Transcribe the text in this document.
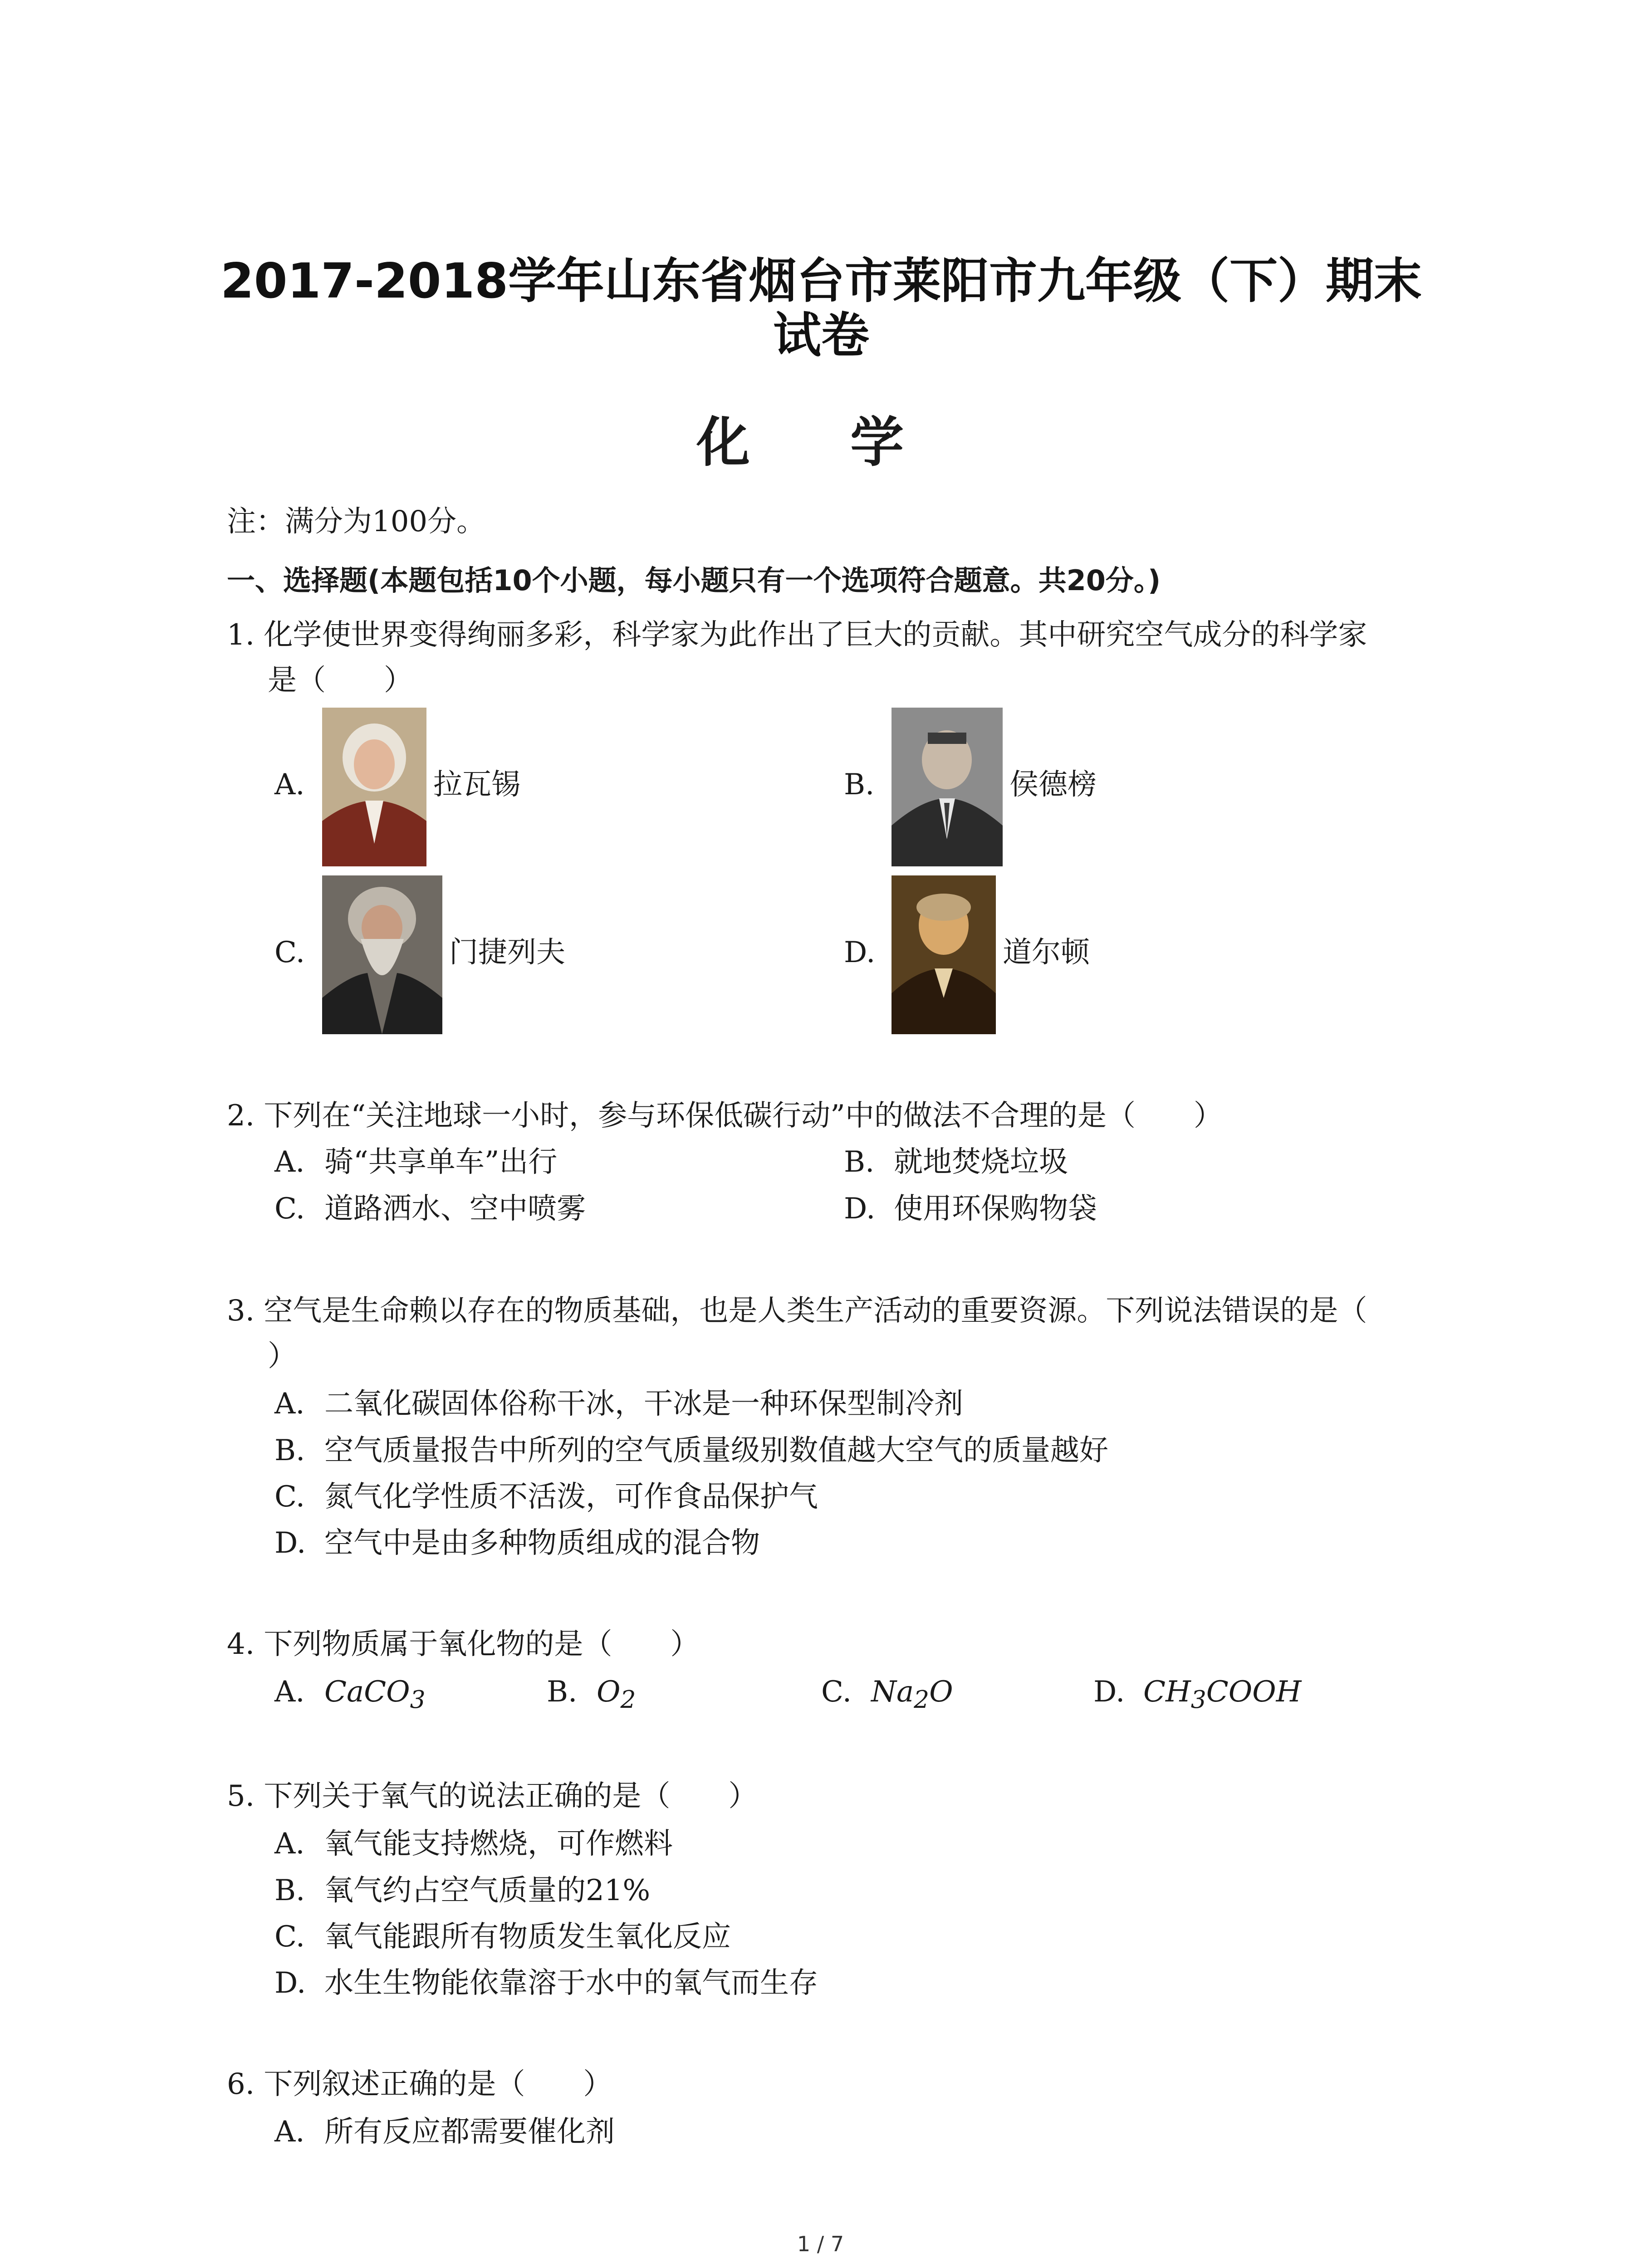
2017-2018学年山东省烟台市莱阳市九年级（下）期末
试卷
化 学
注：满分为100分。
一、选择题(本题包括10个小题，每小题只有一个选项符合题意。共20分。)
1. 化学使世界变得绚丽多彩，科学家为此作出了巨大的贡献。其中研究空气成分的科学家
是（　　）
A.	拉瓦锡	B.	侯德榜
C.	门捷列夫	D.	道尔顿
2. 下列在“关注地球一小时，参与环保低碳行动”中的做法不合理的是（　　）
A. 骑“共享单车”出行	B. 就地焚烧垃圾
C. 道路洒水、空中喷雾	D. 使用环保购物袋
3. 空气是生命赖以存在的物质基础，也是人类生产活动的重要资源。下列说法错误的是（
）
A. 二氧化碳固体俗称干冰，干冰是一种环保型制冷剂
B. 空气质量报告中所列的空气质量级别数值越大空气的质量越好
C. 氮气化学性质不活泼，可作食品保护气
D. 空气中是由多种物质组成的混合物
4. 下列物质属于氧化物的是（　　）
A. CaCO$_3$	B. $O_2$	C. $Na_2O$	D. $CH_3COOH$
5. 下列关于氧气的说法正确的是（　　）
A. 氧气能支持燃烧，可作燃料
B. 氧气约占空气质量的21%
C. 氧气能跟所有物质发生氧化反应
D. 水生生物能依靠溶于水中的氧气而生存
6. 下列叙述正确的是（　　）
A. 所有反应都需要催化剂
1 / 7
